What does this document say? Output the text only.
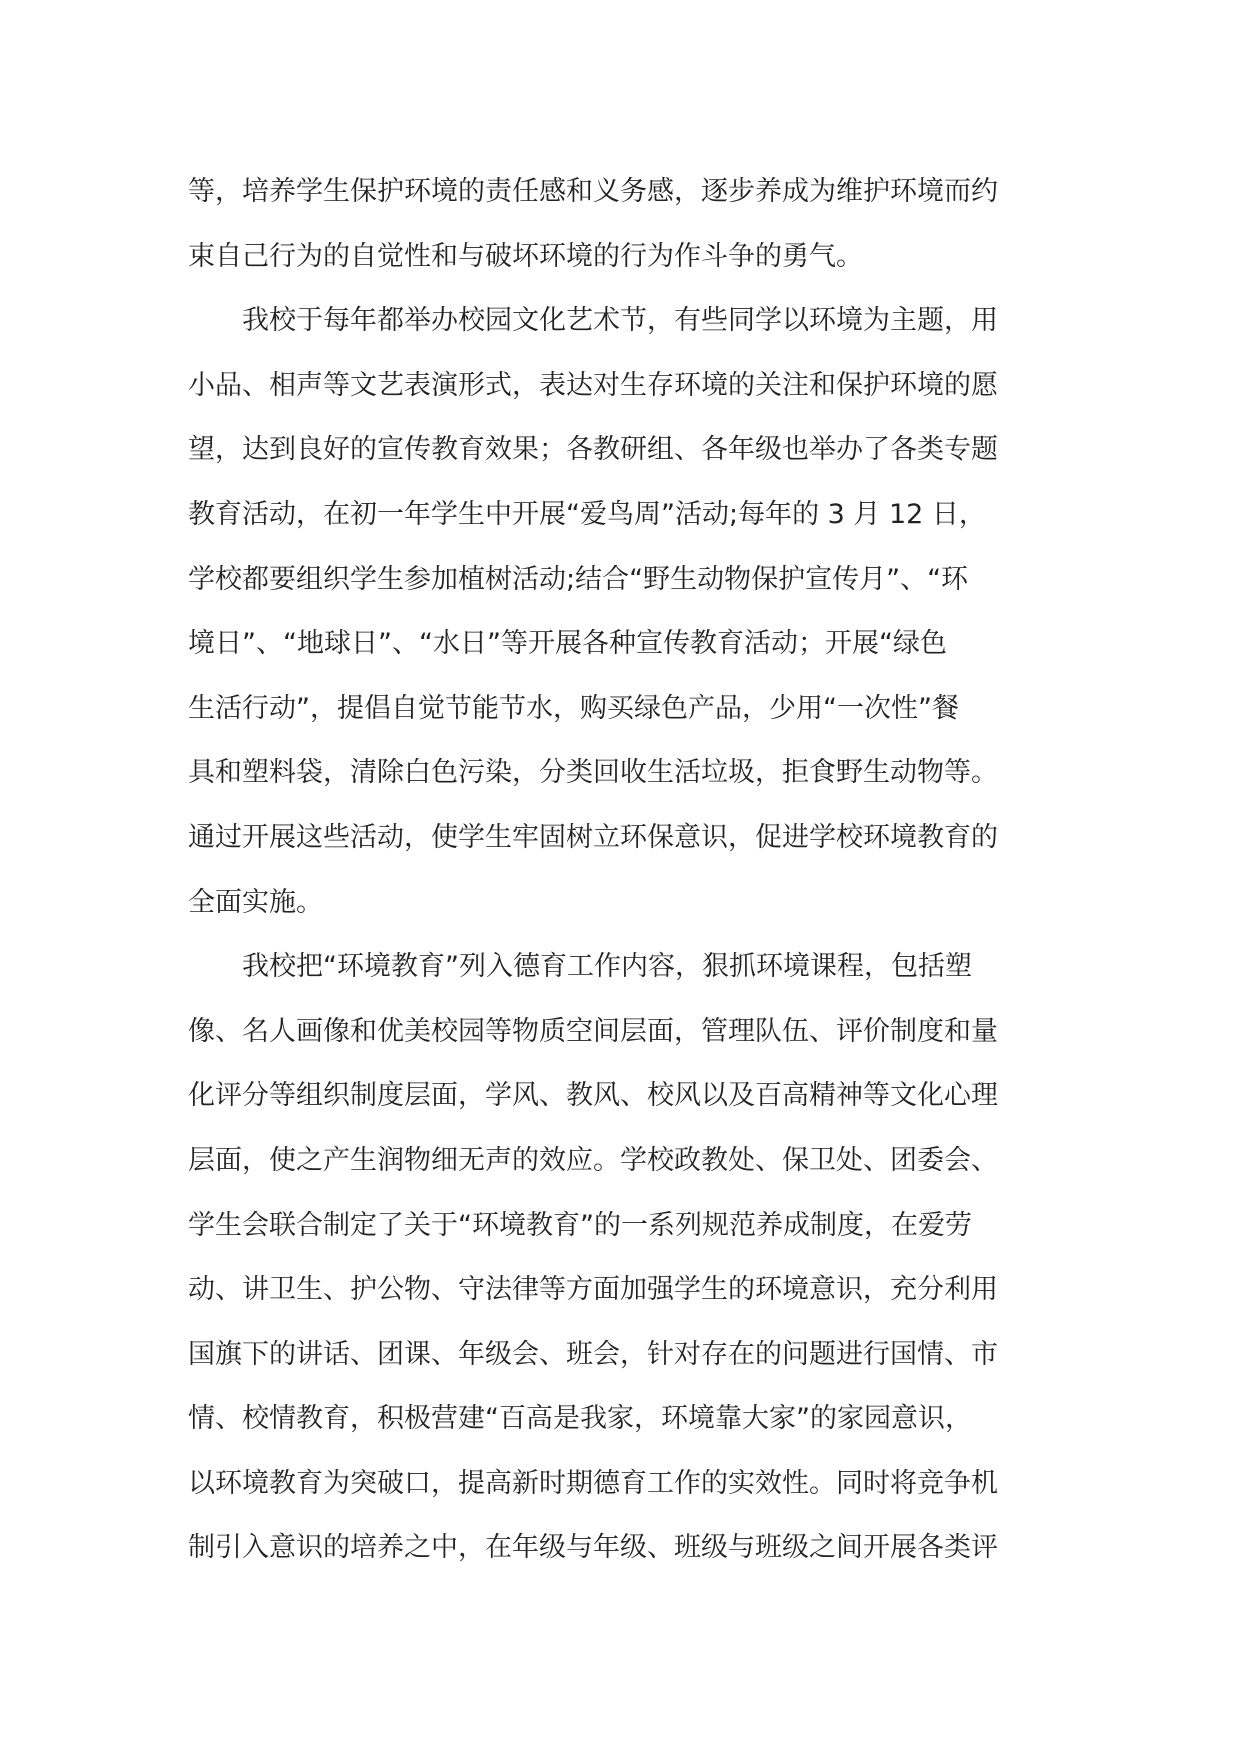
等，培养学生保护环境的责任感和义务感，逐步养成为维护环境而约
束自己行为的自觉性和与破坏环境的行为作斗争的勇气。
　　我校于每年都举办校园文化艺术节，有些同学以环境为主题，用
小品、相声等文艺表演形式，表达对生存环境的关注和保护环境的愿
望，达到良好的宣传教育效果；各教研组、各年级也举办了各类专题
教育活动，在初一年学生中开展“爱鸟周”活动;每年的 3 月 12 日，
学校都要组织学生参加植树活动;结合“野生动物保护宣传月”、“环
境日”、“地球日”、“水日”等开展各种宣传教育活动；开展“绿色
生活行动”，提倡自觉节能节水，购买绿色产品，少用“一次性”餐
具和塑料袋，清除白色污染，分类回收生活垃圾，拒食野生动物等。
通过开展这些活动，使学生牢固树立环保意识，促进学校环境教育的
全面实施。
　　我校把“环境教育”列入德育工作内容，狠抓环境课程，包括塑
像、名人画像和优美校园等物质空间层面，管理队伍、评价制度和量
化评分等组织制度层面，学风、教风、校风以及百高精神等文化心理
层面，使之产生润物细无声的效应。学校政教处、保卫处、团委会、
学生会联合制定了关于“环境教育”的一系列规范养成制度，在爱劳
动、讲卫生、护公物、守法律等方面加强学生的环境意识，充分利用
国旗下的讲话、团课、年级会、班会，针对存在的问题进行国情、市
情、校情教育，积极营建“百高是我家，环境靠大家”的家园意识，
以环境教育为突破口，提高新时期德育工作的实效性。同时将竞争机
制引入意识的培养之中，在年级与年级、班级与班级之间开展各类评
